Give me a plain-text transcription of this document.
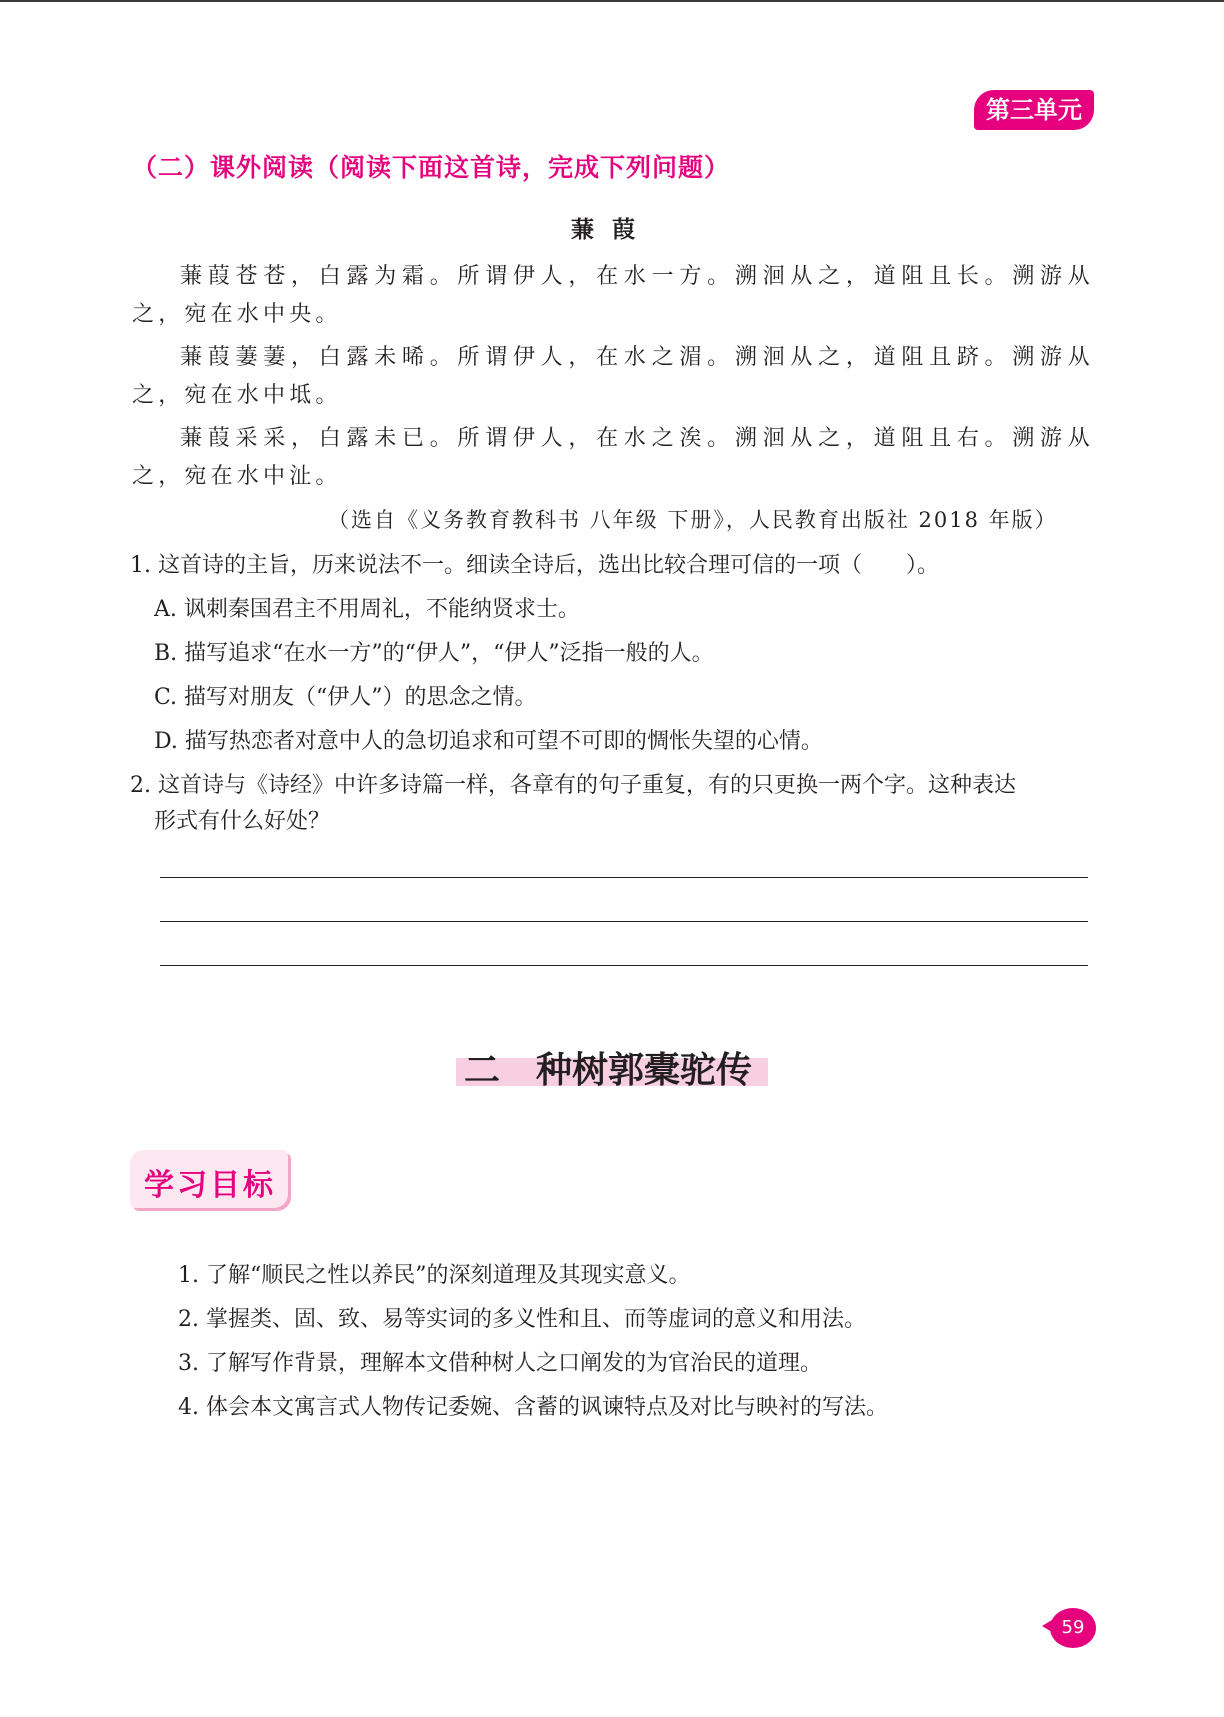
第三单元
（二）课外阅读（阅读下面这首诗，完成下列问题）
蒹葭

蒹葭苍苍，白露为霜。所谓伊人，在水一方。溯洄从之，道阻且长。溯游从之，宛在水中央。

蒹葭萋萋，白露未晞。所谓伊人，在水之湄。溯洄从之，道阻且跻。溯游从之，宛在水中坻。

蒹葭采采，白露未已。所谓伊人，在水之涘。溯洄从之，道阻且右。溯游从之，宛在水中沚。

（选自《义务教育教科书 八年级 下册》，人民教育出版社 2018 年版）
1. 这首诗的主旨，历来说法不一。细读全诗后，选出比较合理可信的一项（　　）。
A. 讽刺秦国君主不用周礼，不能纳贤求士。
B. 描写追求“在水一方”的“伊人”，“伊人”泛指一般的人。
C. 描写对朋友（“伊人”）的思念之情。
D. 描写热恋者对意中人的急切追求和可望不可即的惆怅失望的心情。
2. 这首诗与《诗经》中许多诗篇一样，各章有的句子重复，有的只更换一两个字。这种表达
形式有什么好处？
二 种树郭橐驼传
学习目标
1. 了解“顺民之性以养民”的深刻道理及其现实意义。
2. 掌握类、固、致、易等实词的多义性和且、而等虚词的意义和用法。
3. 了解写作背景，理解本文借种树人之口阐发的为官治民的道理。
4. 体会本文寓言式人物传记委婉、含蓄的讽谏特点及对比与映衬的写法。
59
